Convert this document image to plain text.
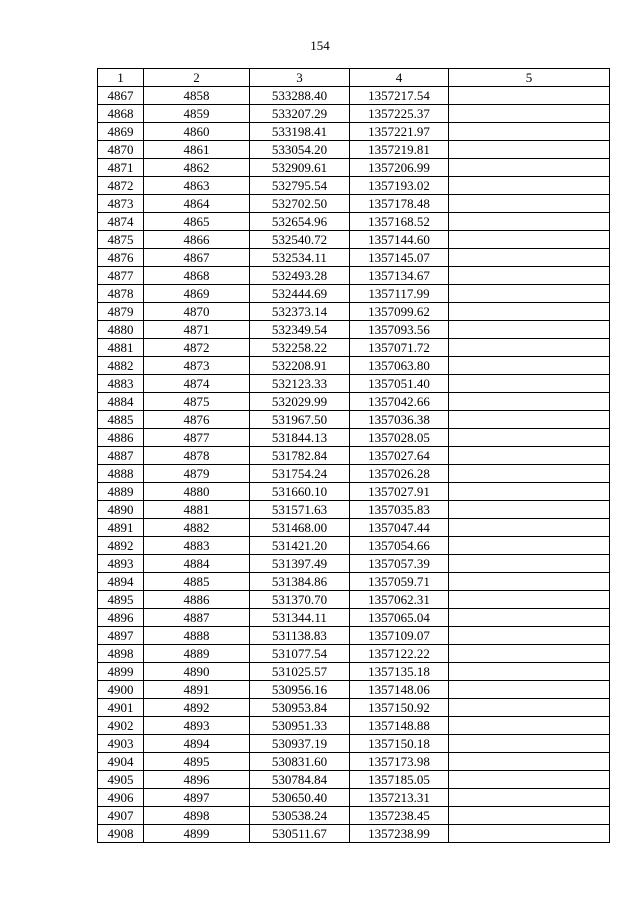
154
1	2	3	4	5
4867	4858	533288.40	1357217.54	
4868	4859	533207.29	1357225.37	
4869	4860	533198.41	1357221.97	
4870	4861	533054.20	1357219.81	
4871	4862	532909.61	1357206.99	
4872	4863	532795.54	1357193.02	
4873	4864	532702.50	1357178.48	
4874	4865	532654.96	1357168.52	
4875	4866	532540.72	1357144.60	
4876	4867	532534.11	1357145.07	
4877	4868	532493.28	1357134.67	
4878	4869	532444.69	1357117.99	
4879	4870	532373.14	1357099.62	
4880	4871	532349.54	1357093.56	
4881	4872	532258.22	1357071.72	
4882	4873	532208.91	1357063.80	
4883	4874	532123.33	1357051.40	
4884	4875	532029.99	1357042.66	
4885	4876	531967.50	1357036.38	
4886	4877	531844.13	1357028.05	
4887	4878	531782.84	1357027.64	
4888	4879	531754.24	1357026.28	
4889	4880	531660.10	1357027.91	
4890	4881	531571.63	1357035.83	
4891	4882	531468.00	1357047.44	
4892	4883	531421.20	1357054.66	
4893	4884	531397.49	1357057.39	
4894	4885	531384.86	1357059.71	
4895	4886	531370.70	1357062.31	
4896	4887	531344.11	1357065.04	
4897	4888	531138.83	1357109.07	
4898	4889	531077.54	1357122.22	
4899	4890	531025.57	1357135.18	
4900	4891	530956.16	1357148.06	
4901	4892	530953.84	1357150.92	
4902	4893	530951.33	1357148.88	
4903	4894	530937.19	1357150.18	
4904	4895	530831.60	1357173.98	
4905	4896	530784.84	1357185.05	
4906	4897	530650.40	1357213.31	
4907	4898	530538.24	1357238.45	
4908	4899	530511.67	1357238.99	
